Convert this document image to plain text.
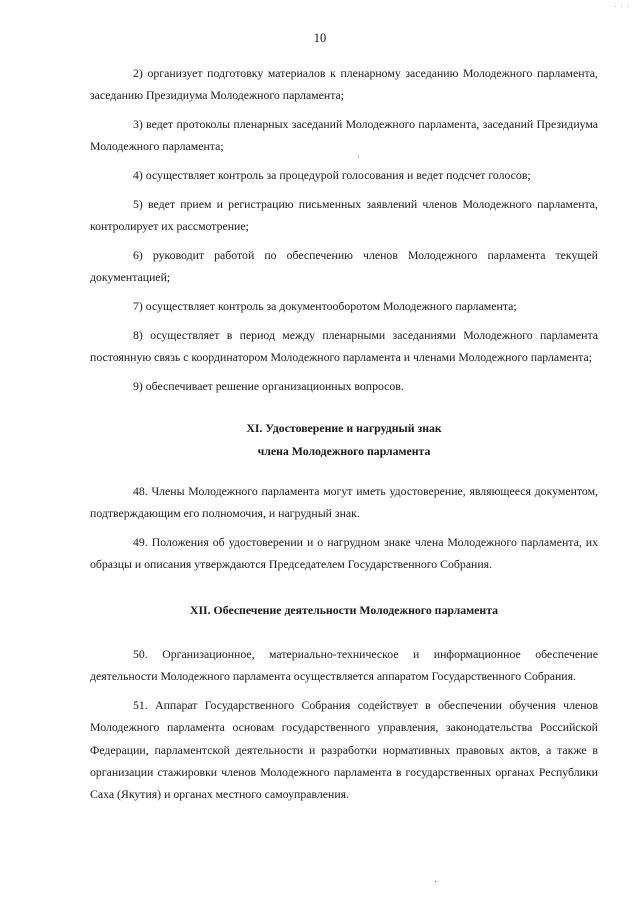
· · ·
10

2) организует подготовку материалов к пленарному заседанию Молодежного парламента, заседанию Президиума Молодежного парламента;

3) ведет протоколы пленарных заседаний Молодежного парламента, заседаний Президиума Молодежного парламента;

4) осуществляет контроль за процедурой голосования и ведет подсчет голосов;

5) ведет прием и регистрацию письменных заявлений членов Молодежного парламента, контролирует их рассмотрение;

6) руководит работой по обеспечению членов Молодежного парламента текущей документацией;

7) осуществляет контроль за документооборотом Молодежного парламента;

8) осуществляет в период между пленарными заседаниями Молодежного парламента постоянную связь с координатором Молодежного парламента и членами Молодежного парламента;

9) обеспечивает решение организационных вопросов.

XI. Удостоверение и нагрудный знак
члена Молодежного парламента

48. Члены Молодежного парламента могут иметь удостоверение, являющееся документом, подтверждающим его полномочия, и нагрудный знак.

49. Положения об удостоверении и о нагрудном знаке члена Молодежного парламента, их образцы и описания утверждаются Председателем Государственного Собрания.

XII. Обеспечение деятельности Молодежного парламента

50. Организационное, материально-техническое и информационное обеспечение деятельности Молодежного парламента осуществляется аппаратом Государственного Собрания.

51. Аппарат Государственного Собрания содействует в обеспечении обучения членов Молодежного парламента основам государственного управления, законодательства Российской Федерации, парламентской деятельности и разработки нормативных правовых актов, а также в организации стажировки членов Молодежного парламента в государственных органах Республики Саха (Якутия) и органах местного самоуправления.

·
·
